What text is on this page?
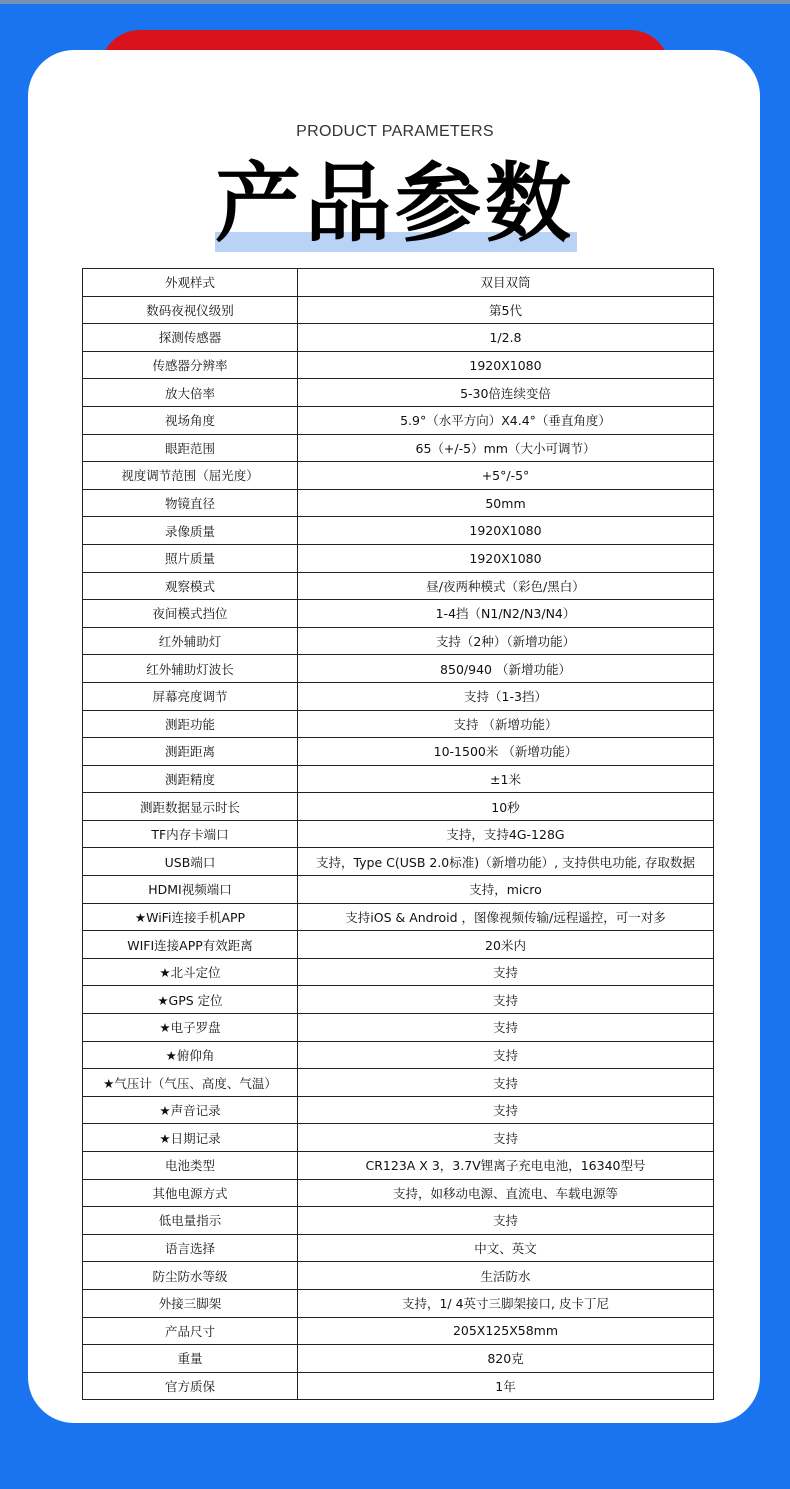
PRODUCT PARAMETERS
产品参数
外观样式	双目双筒
数码夜视仪级别	第5代
探测传感器	1/2.8
传感器分辨率	1920X1080
放大倍率	5-30倍连续变倍
视场角度	5.9°（水平方向）X4.4°（垂直角度）
眼距范围	65（+/-5）mm（大小可调节）
视度调节范围（屈光度）	+5°/-5°
物镜直径	50mm
录像质量	1920X1080
照片质量	1920X1080
观察模式	昼/夜两种模式（彩色/黑白）
夜间模式挡位	1-4挡（N1/N2/N3/N4）
红外辅助灯	支持（2种）（新增功能）
红外辅助灯波长	850/940 （新增功能）
屏幕亮度调节	支持（1-3挡）
测距功能	支持 （新增功能）
测距距离	10-1500米 （新增功能）
测距精度	±1米
测距数据显示时长	10秒
TF内存卡端口	支持，支持4G-128G
USB端口	支持，Type C(USB 2.0标准)（新增功能）, 支持供电功能, 存取数据
HDMI视频端口	支持，micro
★WiFi连接手机APP	支持iOS & Android ，图像视频传输/远程遥控，可一对多
WIFI连接APP有效距离	20米内
★北斗定位	支持
★GPS 定位	支持
★电子罗盘	支持
★俯仰角	支持
★气压计（气压、高度、气温）	支持
★声音记录	支持
★日期记录	支持
电池类型	CR123A X 3，3.7V锂离子充电电池，16340型号
其他电源方式	支持，如移动电源、直流电、车载电源等
低电量指示	支持
语言选择	中文、英文
防尘防水等级	生活防水
外接三脚架	支持，1/ 4英寸三脚架接口, 皮卡丁尼
产品尺寸	205X125X58mm
重量	820克
官方质保	1年
